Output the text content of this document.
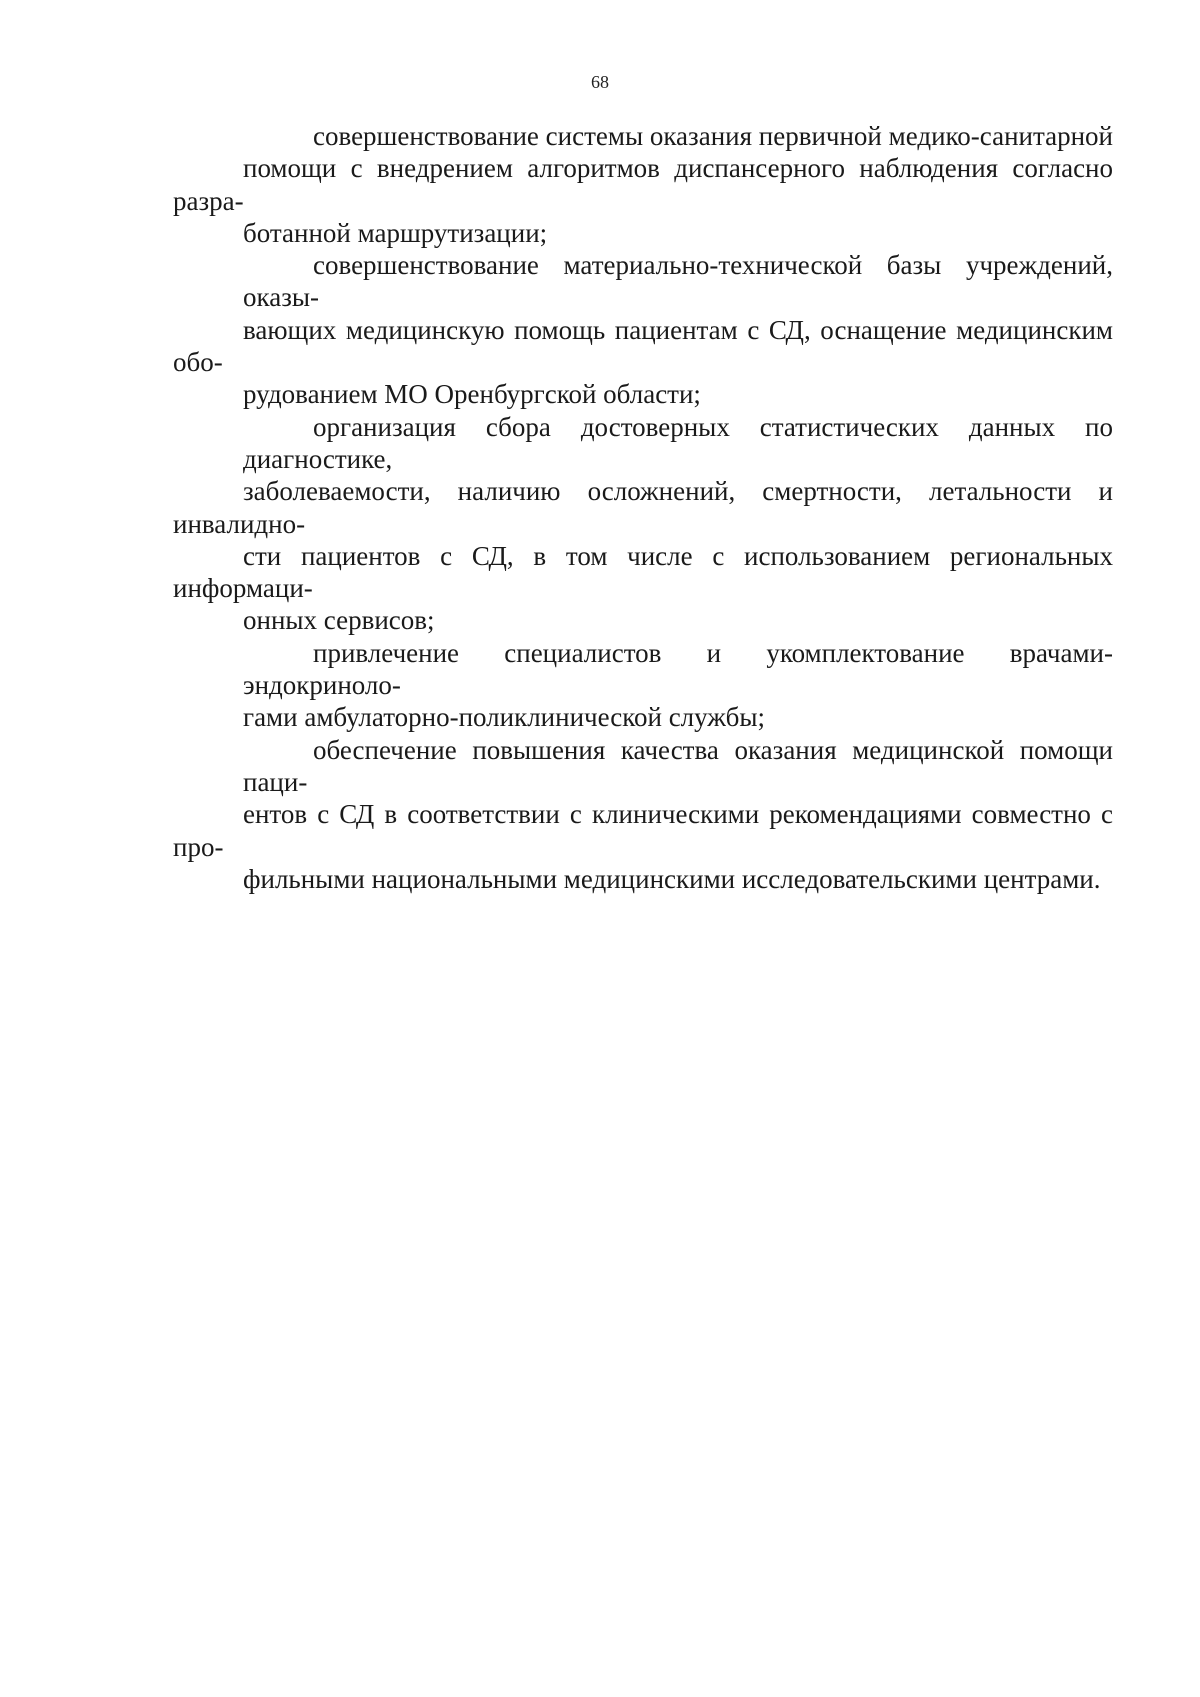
68

совершенствование системы оказания первичной медико-санитарной
помощи с внедрением алгоритмов диспансерного наблюдения согласно разра-
ботанной маршрутизации;

совершенствование материально-технической базы учреждений, оказы-
вающих медицинскую помощь пациентам с СД, оснащение медицинским обо-
рудованием МО Оренбургской области;

организация сбора достоверных статистических данных по диагностике,
заболеваемости, наличию осложнений, смертности, летальности и инвалидно-
сти пациентов с СД, в том числе с использованием региональных информаци-
онных сервисов;

привлечение специалистов и укомплектование врачами-эндокриноло-
гами амбулаторно-поликлинической службы;

обеспечение повышения качества оказания медицинской помощи паци-
ентов с СД в соответствии с клиническими рекомендациями совместно с про-
фильными национальными медицинскими исследовательскими центрами.
